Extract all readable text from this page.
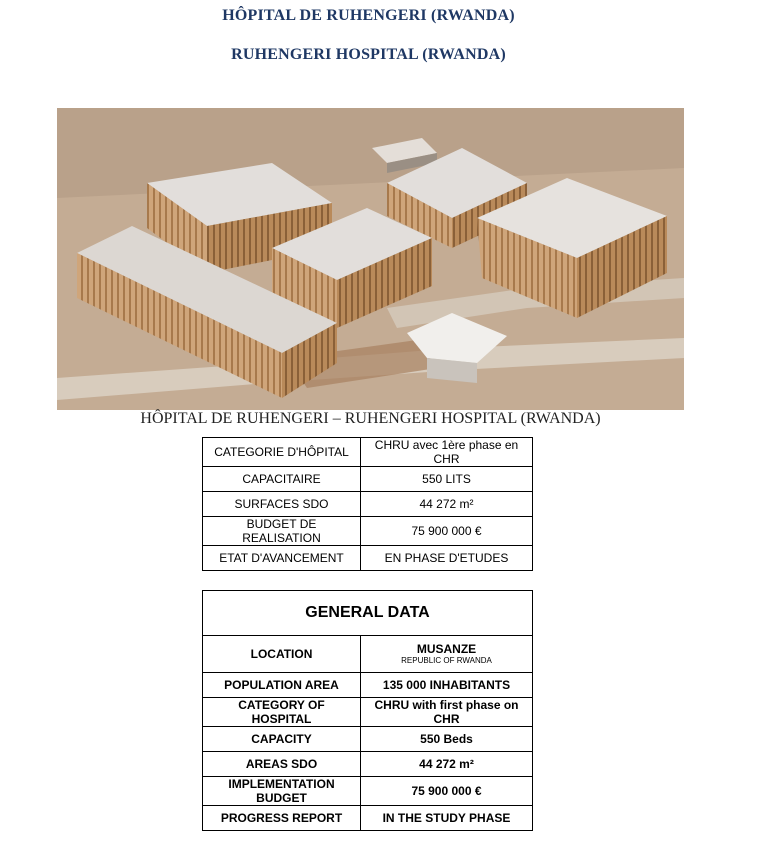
HÔPITAL DE RUHENGERI (RWANDA)
RUHENGERI HOSPITAL (RWANDA)
HÔPITAL DE RUHENGERI – RUHENGERI HOSPITAL (RWANDA)
CATEGORIE D'HÔPITAL	CHRU avec 1ère phase en CHR
CAPACITAIRE	550 LITS
SURFACES SDO	44 272 m²
BUDGET DE REALISATION	75 900 000 €
ETAT D'AVANCEMENT	EN PHASE D'ETUDES
GENERAL DATA	
LOCATION	MUSANZE
REPUBLIC OF RWANDA

POPULATION AREA	135 000 INHABITANTS
CATEGORY OF HOSPITAL	CHRU with first phase on CHR
CAPACITY	550 Beds
AREAS SDO	44 272 m²
IMPLEMENTATION BUDGET	75 900 000 €
PROGRESS REPORT	IN THE STUDY PHASE
